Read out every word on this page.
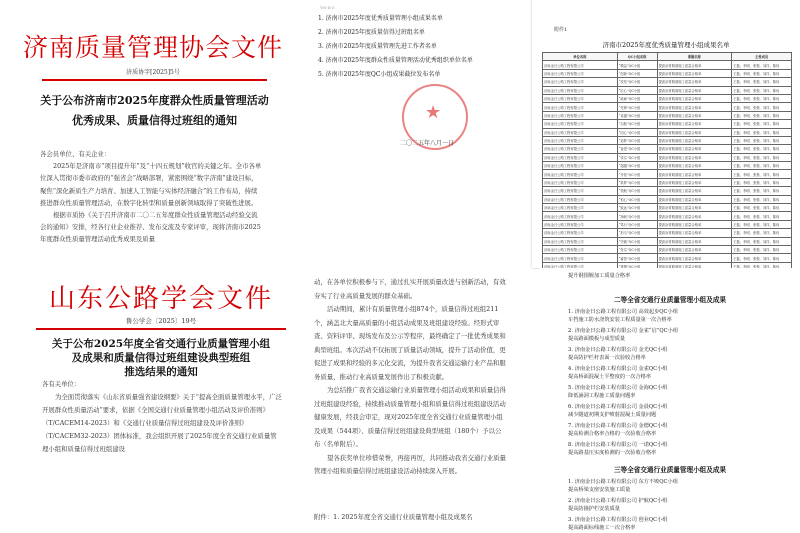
济南质量管理协会文件
济质协字[2025]5号
关于公布济南市2025年度群众性质量管理活动
优秀成果、质量信得过班组的通知

各会员单位、有关企业：

2025年是济南市“项目提升年”及“十四五规划”收官的关键之年。全市各单位深入贯彻市委市政府的“强省会”战略部署，紧密围绕“数字济南”建设目标，聚焦“深化新质生产力培育、加速人工智能与实体经济融合”的工作布局，持续推进群众性质量管理活动，在数字化转型和质量创新领域取得了突破性进展。

根据市质协《关于召开济南市二〇二五年度群众性质量管理活动经验交流会的通知》安排，经各行业企业推荐、发布交流及专家评审，现将济南市2025年度群众性质量管理活动优秀成果及质量

YN-II-3
1. 济南市2025年度优秀质量管理小组成果名单
2. 济南市2025年度质量信得过班组名单
3. 济南市2025年度质量管理先进工作者名单
4. 济南市2025年度群众性质量管理活动优秀组织单位名单
5. 济南市2025年度QC小组成果截位发布名单
★
二〇二五年八月一日
附件1
济南市2025年度优秀质量管理小组成果名单
单位名称	QC小组名称	课题名称	主要成员
济南金曰公路工程有限公司	“精益”QC小组	提高沥青路面施工质量合格率	王磊、李明、张强、刘洋、陈伟
济南金曰公路工程有限公司	“创新”QC小组	提高沥青路面施工质量合格率	王磊、李明、张强、刘洋、陈伟
济南金曰公路工程有限公司	“攻坚”QC小组	提高沥青路面施工质量合格率	王磊、李明、张强、刘洋、陈伟
济南金曰公路工程有限公司	“匠心”QC小组	提高沥青路面施工质量合格率	王磊、李明、张强、刘洋、陈伟
济南金曰公路工程有限公司	“砥砺”QC小组	提高沥青路面施工质量合格率	王磊、李明、张强、刘洋、陈伟
济南金曰公路工程有限公司	“先锋”QC小组	提高沥青路面施工质量合格率	王磊、李明、张强、刘洋、陈伟
济南金曰公路工程有限公司	“卓越”QC小组	提高沥青路面施工质量合格率	王磊、李明、张强、刘洋、陈伟
济南金曰公路工程有限公司	“启航”QC小组	提高沥青路面施工质量合格率	王磊、李明、张强、刘洋、陈伟
济南金曰公路工程有限公司	“同心”QC小组	提高沥青路面施工质量合格率	王磊、李明、张强、刘洋、陈伟
济南金曰公路工程有限公司	“追梦”QC小组	提高沥青路面施工质量合格率	王磊、李明、张强、刘洋、陈伟
济南金曰公路工程有限公司	“奋进”QC小组	提高沥青路面施工质量合格率	王磊、李明、张强、刘洋、陈伟
济南金曰公路工程有限公司	“求实”QC小组	提高沥青路面施工质量合格率	王磊、李明、张强、刘洋、陈伟
济南金曰公路工程有限公司	“超越”QC小组	提高沥青路面施工质量合格率	王磊、李明、张强、刘洋、陈伟
济南金曰公路工程有限公司	“开拓”QC小组	提高沥青路面施工质量合格率	王磊、李明、张强、刘洋、陈伟
济南金曰公路工程有限公司	“筑梦”QC小组	提高沥青路面施工质量合格率	王磊、李明、张强、刘洋、陈伟
济南金曰公路工程有限公司	“领航”QC小组	提高沥青路面施工质量合格率	王磊、李明、张强、刘洋、陈伟
济南金曰公路工程有限公司	“恒心”QC小组	提高沥青路面施工质量合格率	王磊、李明、张强、刘洋、陈伟
济南金曰公路工程有限公司	“致远”QC小组	提高沥青路面施工质量合格率	王磊、李明、张强、刘洋、陈伟
济南金曰公路工程有限公司	“扬帆”QC小组	提高沥青路面施工质量合格率	王磊、李明、张强、刘洋、陈伟
济南金曰公路工程有限公司	“笃行”QC小组	提高沥青路面施工质量合格率	王磊、李明、张强、刘洋、陈伟
济南金曰公路工程有限公司	“担当”QC小组	提高沥青路面施工质量合格率	王磊、李明、张强、刘洋、陈伟
济南金曰公路工程有限公司	“突破”QC小组	提高沥青路面施工质量合格率	王磊、李明、张强、刘洋、陈伟
济南金曰公路工程有限公司	“务实”QC小组	提高沥青路面施工质量合格率	王磊、李明、张强、刘洋、陈伟
济南金曰公路工程有限公司	“睿智”QC小组	提高沥青路面施工质量合格率	王磊、李明、张强、刘洋、陈伟
济南金曰公路工程有限公司	“拼搏”QC小组	提高沥青路面施工质量合格率	王磊、李明、张强、刘洋、陈伟

山东公路学会文件
鲁公学会〔2025〕19号
关于公布2025年度全省交通行业质量管理小组
及成果和质量信得过班组建设典型班组
推选结果的通知

各有关单位：

为全面贯彻落实《山东省质量强省建设纲要》关于“提高全面质量管理水平，广泛开展群众性质量活动”要求，依据《全国交通行业质量管理小组活动及评价准则》（T/CACEM14-2023）和《交通行业质量信得过班组建设及评价准则》（T/CACEM32-2023）团体标准，我会组织开展了2025年度全省交通行业质量管理小组和质量信得过班组建设

动，在各单位积极参与下，通过扎实开展质量改进与创新活动，有效夯实了行业高质量发展的群众基础。

活动期间，累计有质量管理小组874个，质量信得过班组211个，涵盖北大量高质量的小组活动成果及班组建设经验。经形式审查、资料评审、现场发布及公示等程序，最终确定了一批优秀成果和典型班组。本次活动不仅拓展了质量活动领域，提升了活动价值，更促进了成果和经验的多元化交流，为提升我省交通运输行业产品和服务质量、推动行业高质量发展作出了积极贡献。

为总结推广我省交通运输行业质量管理小组活动成果和质量信得过班组建设经验，持续推动质量管理小组和质量信得过班组建设活动健康发展，经我会审定，现对2025年度全省交通行业质量管理小组及成果（544项）、质量信得过班组建设典型班组（180个）予以公布（名单附后）。

望各获奖单位珍惜荣誉，再接再厉，共同推动我省交通行业质量管理小组和质量信得过班组建设活动持续深入开展。

附件：1. 2025年度全省交通行业质量管理小组及成果名
提升钢围堰加工质量合格率
二等全省交通行业质量管理小组及成果
1. 济南金曰公路工程有限公司 高效起步QC小组
车挡施工防水浇筑安装工程质量第一次合格率
2. 济南金曰公路工程有限公司 金雀“启”QC小组
提高路面模板与成型质量
3. 济南金曰公路工程有限公司 金光QC小组
提高防护栏杆表面一次验收合格率
4. 济南金曰公路工程有限公司 金雀QC小组
提高桥面混凝土平整度的一次合格率
5. 济南金曰公路工程有限公司 金海QC小组
降低涵洞工程施工质量问题率
6. 济南金曰公路工程有限公司 金晨QC小组
减少隧道初期支护喷射混凝土质量问题
7. 济南金曰公路工程有限公司 金德QC小组
提高检测合格率合格的一次验收合格率
8. 济南金曰公路工程有限公司 一诺QC小组
提高路基压实度检测的一次验收合格率
三等全省交通行业质量管理小组及成果
1. 济南金曰公路工程有限公司 东方不败QC小组
提高桥梁支座安装施工质量
2. 济南金曰公路工程有限公司 护航QC小组
提高防撞护栏安装质量
3. 济南金曰公路工程有限公司 创业QC小组
提高路面标线施工一次合格率
